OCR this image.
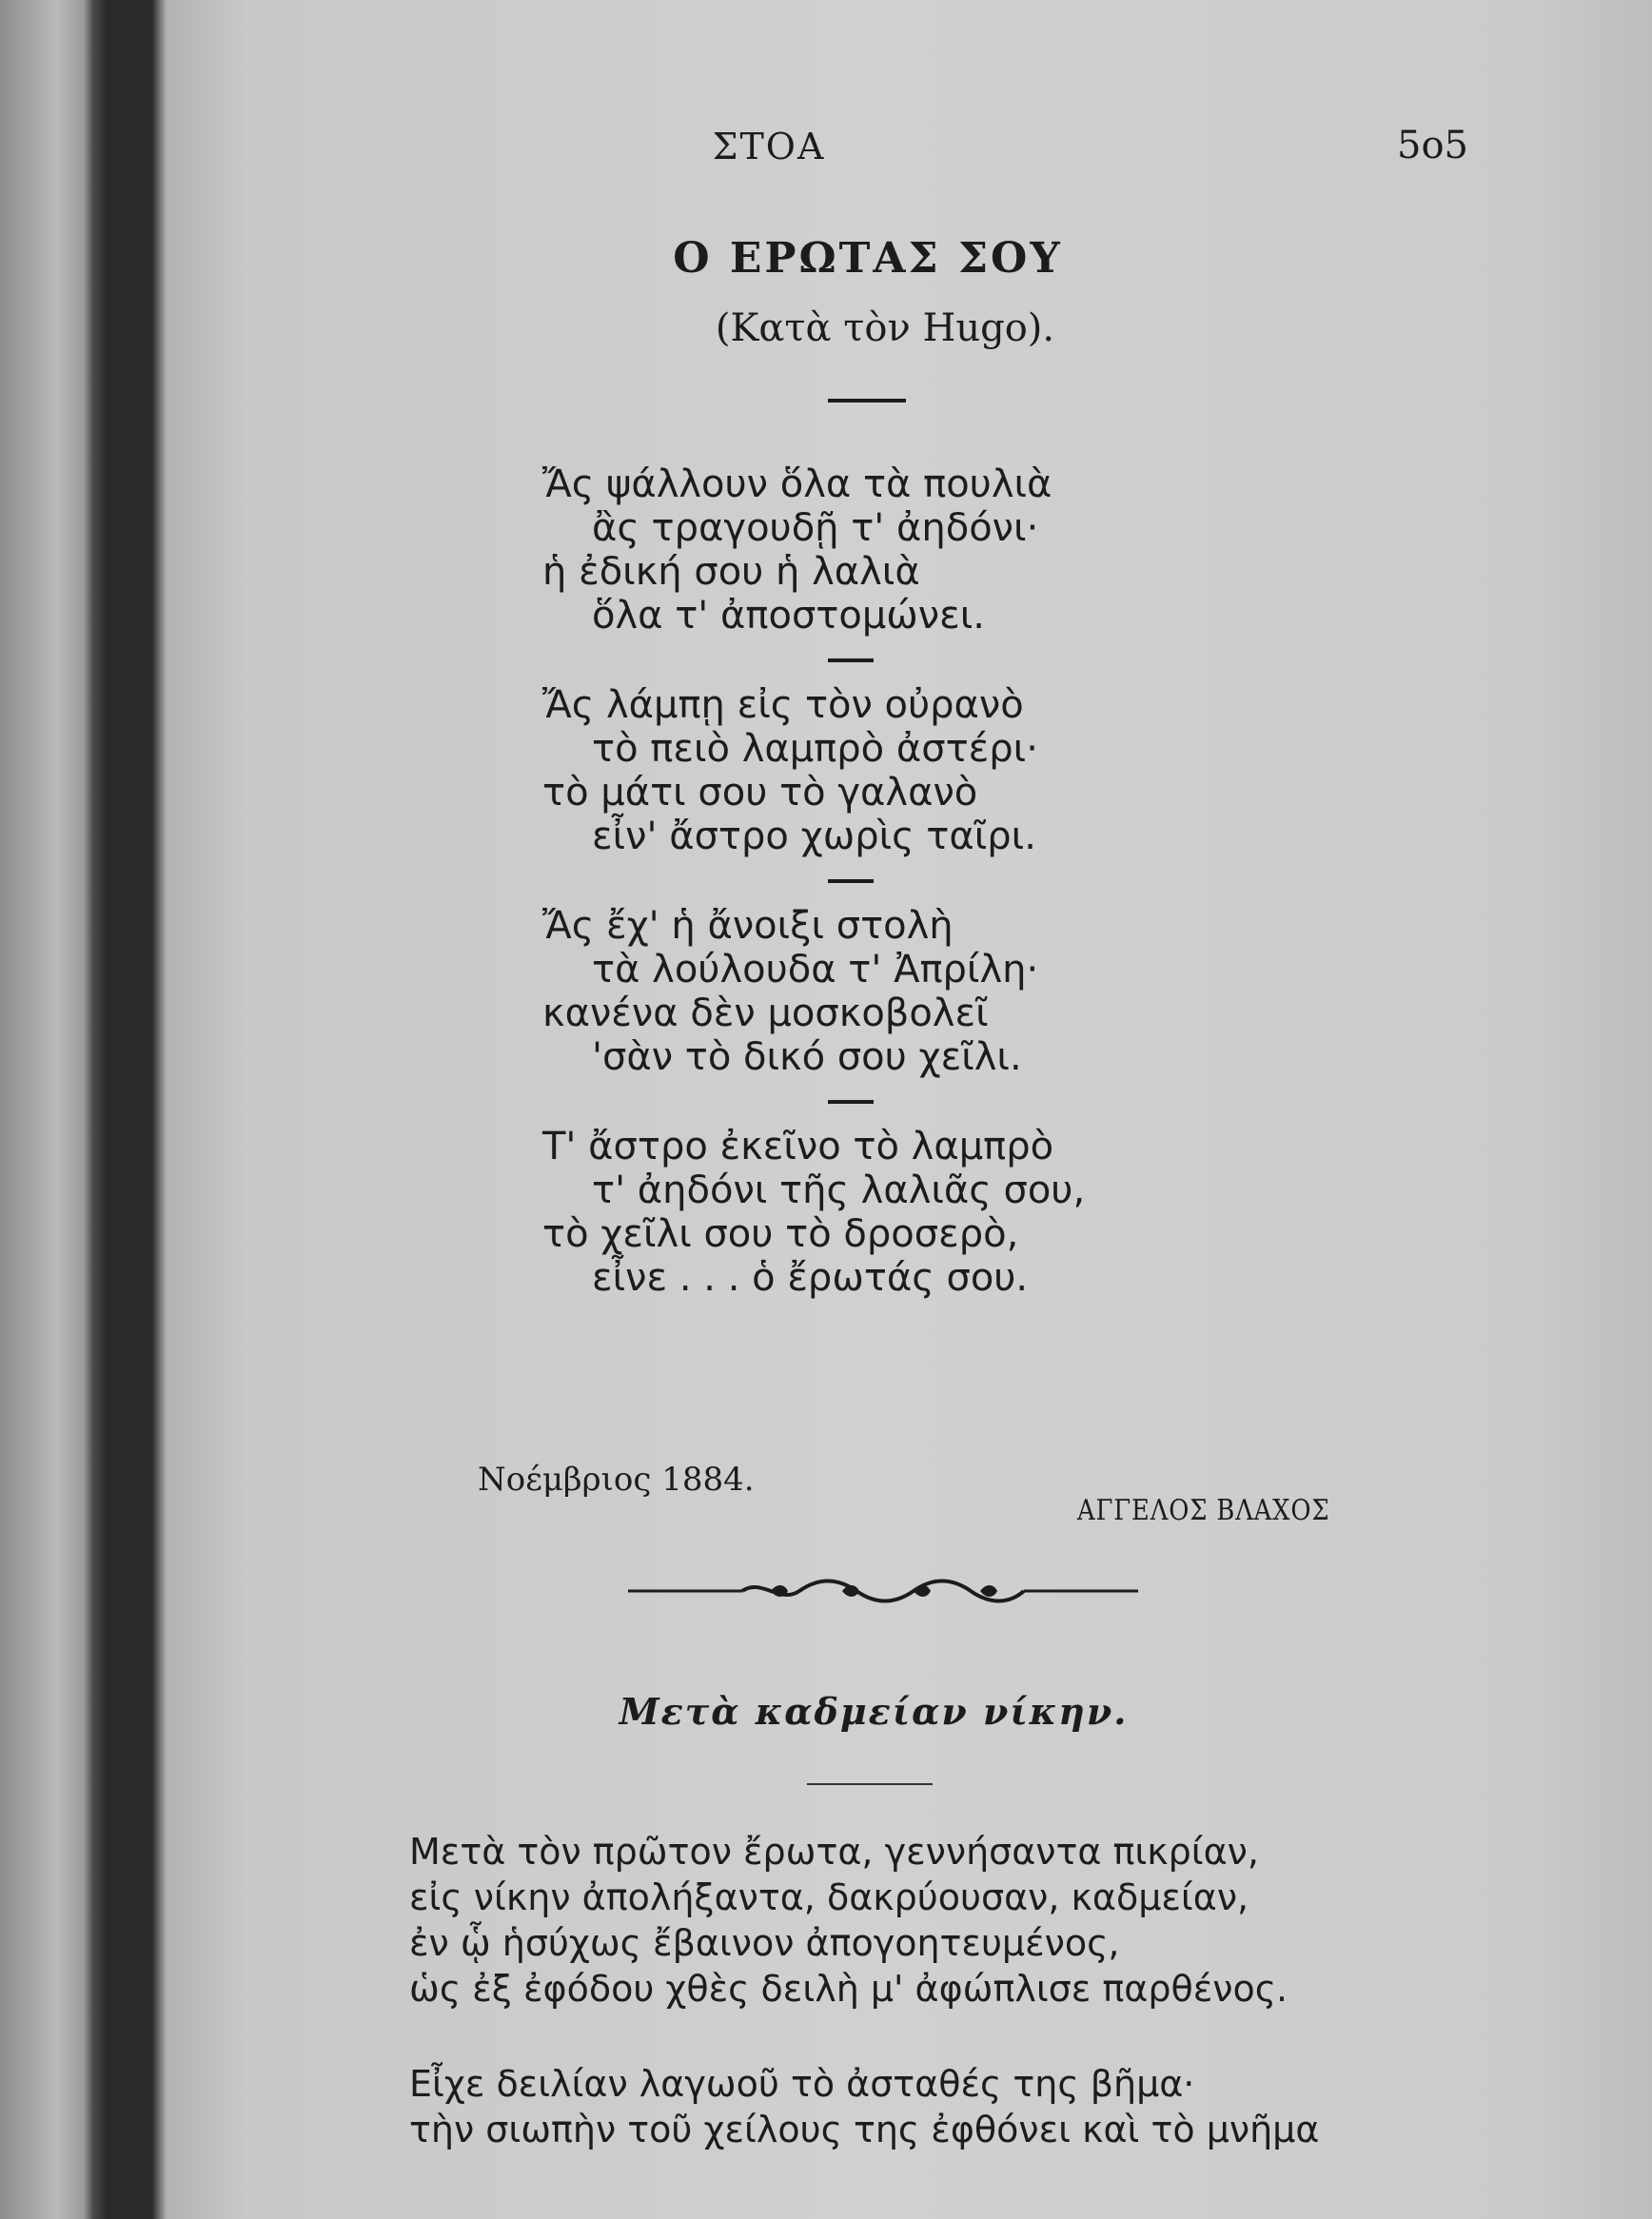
ΣΤΟΑ	5o5
Ο ΕΡΩΤΑΣ ΣΟΥ
(Κατὰ τὸν Hugo).
Ἄς ψάλλουν ὅλα τὰ πουλιὰ
ἂς τραγουδῇ τ' ἀηδόνι·
ἡ ἐδική σου ἡ λαλιὰ
ὅλα τ' ἀποστομώνει.
Ἄς λάμπῃ εἰς τὸν οὐρανὸ
τὸ πειὸ λαμπρὸ ἀστέρι·
τὸ μάτι σου τὸ γαλανὸ
εἶν' ἄστρο χωρὶς ταῖρι.
Ἄς ἔχ' ἡ ἄνοιξι στολὴ
τὰ λούλουδα τ' Ἀπρίλη·
κανένα δὲν μοσκοβολεῖ
'σὰν τὸ δικό σου χεῖλι.
Τ' ἄστρο ἐκεῖνο τὸ λαμπρὸ
τ' ἀηδόνι τῆς λαλιᾶς σου,
τὸ χεῖλι σου τὸ δροσερὸ,
εἶνε . . . ὁ ἔρωτάς σου.
Νοέμβριος 1884.
ΑΓΓΕΛΟΣ ΒΛΑΧΟΣ
Μετὰ καδμείαν νίκην.
Μετὰ τὸν πρῶτον ἔρωτα, γεννήσαντα πικρίαν,
εἰς νίκην ἀπολήξαντα, δακρύουσαν, καδμείαν,
ἐν ᾧ ἡσύχως ἔβαινον ἀπογοητευμένος,
ὡς ἐξ ἐφόδου χθὲς δειλὴ μ' ἀφώπλισε παρθένος.
Εἶχε δειλίαν λαγωοῦ τὸ ἀσταθές της βῆμα·
τὴν σιωπὴν τοῦ χείλους της ἐφθόνει καὶ τὸ μνῆμα
